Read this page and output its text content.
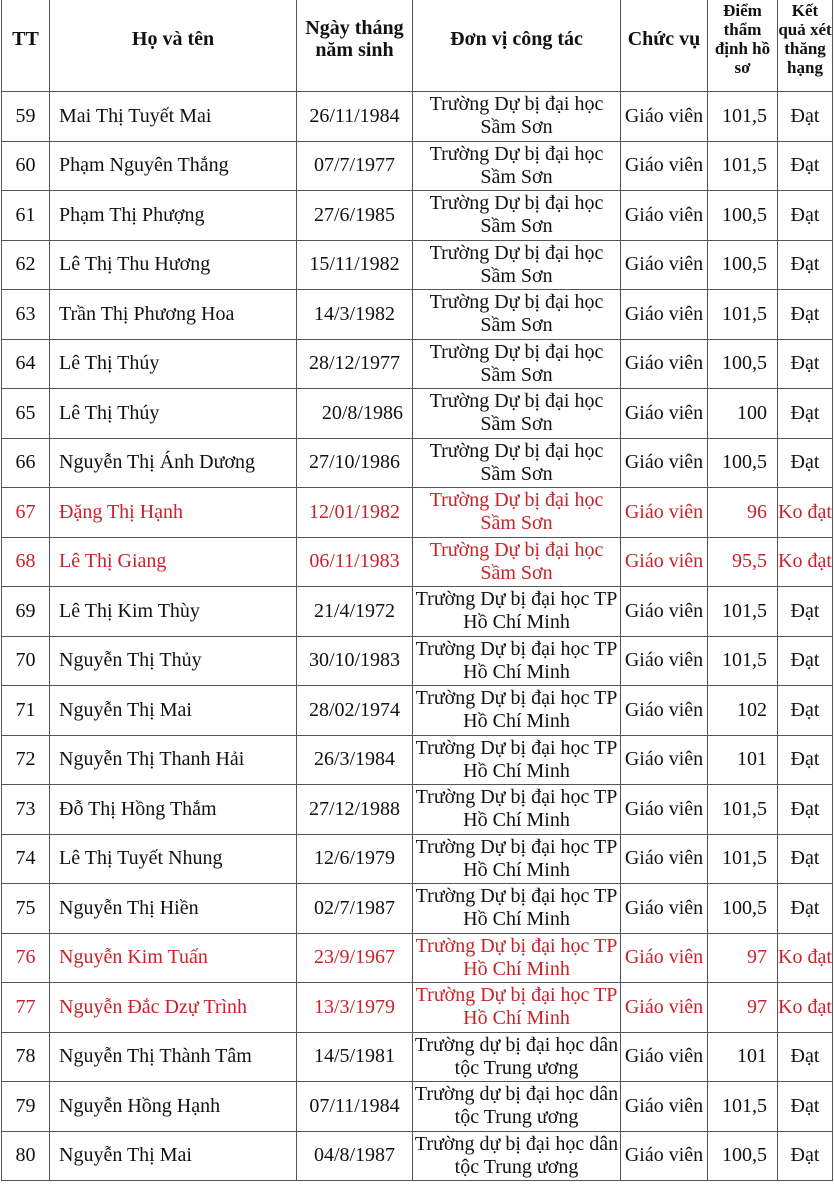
TT	Họ và tên	Ngày tháng năm sinh	Đơn vị công tác	Chức vụ	Điểm thẩm định hồ sơ	Kết quả xét thăng hạng
59	Mai Thị Tuyết Mai	26/11/1984	Trường Dự bị đại học Sầm Sơn	Giáo viên	101,5	Đạt
60	Phạm Nguyên Thắng	07/7/1977	Trường Dự bị đại học Sầm Sơn	Giáo viên	101,5	Đạt
61	Phạm Thị Phượng	27/6/1985	Trường Dự bị đại học Sầm Sơn	Giáo viên	100,5	Đạt
62	Lê Thị Thu Hương	15/11/1982	Trường Dự bị đại học Sầm Sơn	Giáo viên	100,5	Đạt
63	Trần Thị Phương Hoa	14/3/1982	Trường Dự bị đại học Sầm Sơn	Giáo viên	101,5	Đạt
64	Lê Thị Thúy	28/12/1977	Trường Dự bị đại học Sầm Sơn	Giáo viên	100,5	Đạt
65	Lê Thị Thúy	20/8/1986	Trường Dự bị đại học Sầm Sơn	Giáo viên	100	Đạt
66	Nguyễn Thị Ánh Dương	27/10/1986	Trường Dự bị đại học Sầm Sơn	Giáo viên	100,5	Đạt
67	Đặng Thị Hạnh	12/01/1982	Trường Dự bị đại học Sầm Sơn	Giáo viên	96	Ko đạt
68	Lê Thị Giang	06/11/1983	Trường Dự bị đại học Sầm Sơn	Giáo viên	95,5	Ko đạt
69	Lê Thị Kim Thùy	21/4/1972	Trường Dự bị đại học TP Hồ Chí Minh	Giáo viên	101,5	Đạt
70	Nguyễn Thị Thủy	30/10/1983	Trường Dự bị đại học TP Hồ Chí Minh	Giáo viên	101,5	Đạt
71	Nguyễn Thị Mai	28/02/1974	Trường Dự bị đại học TP Hồ Chí Minh	Giáo viên	102	Đạt
72	Nguyễn Thị Thanh Hải	26/3/1984	Trường Dự bị đại học TP Hồ Chí Minh	Giáo viên	101	Đạt
73	Đỗ Thị Hồng Thắm	27/12/1988	Trường Dự bị đại học TP Hồ Chí Minh	Giáo viên	101,5	Đạt
74	Lê Thị Tuyết Nhung	12/6/1979	Trường Dự bị đại học TP Hồ Chí Minh	Giáo viên	101,5	Đạt
75	Nguyễn Thị Hiền	02/7/1987	Trường Dự bị đại học TP Hồ Chí Minh	Giáo viên	100,5	Đạt
76	Nguyễn Kim Tuấn	23/9/1967	Trường Dự bị đại học TP Hồ Chí Minh	Giáo viên	97	Ko đạt
77	Nguyễn Đắc Dzự Trình	13/3/1979	Trường Dự bị đại học TP Hồ Chí Minh	Giáo viên	97	Ko đạt
78	Nguyễn Thị Thành Tâm	14/5/1981	Trường dự bị đại học dân tộc Trung ương	Giáo viên	101	Đạt
79	Nguyễn Hồng Hạnh	07/11/1984	Trường dự bị đại học dân tộc Trung ương	Giáo viên	101,5	Đạt
80	Nguyễn Thị Mai	04/8/1987	Trường dự bị đại học dân tộc Trung ương	Giáo viên	100,5	Đạt
